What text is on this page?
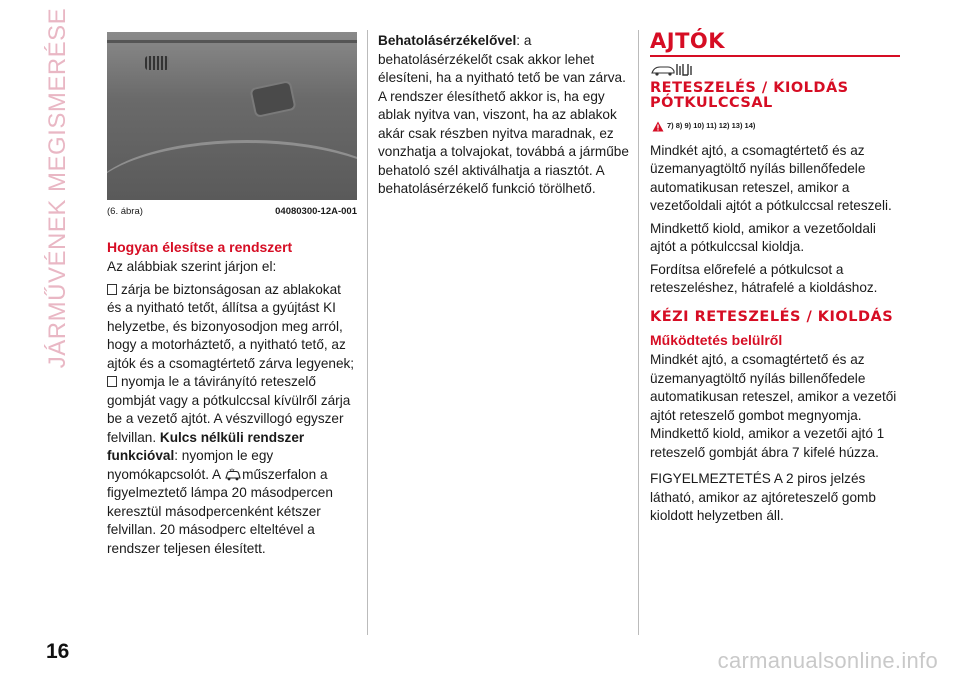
JÁRMŰVÉNEK MEGISMERÉSE	(6. ábra)	04080300-12A-001
Hogyan élesítse a rendszert

Az alábbiak szerint járjon el:

zárja be biztonságosan az ablakokat és a nyitható tetőt, állítsa a gyújtást KI helyzetbe, és bizonyosodjon meg arról, hogy a motorháztető, a nyitható tető, az ajtók és a csomagtértető zárva legyenek;

nyomja le a távirányító reteszelő gombját vagy a pótkulccsal kívülről zárja be a vezető ajtót. A vészvillogó egyszer felvillan. Kulcs nélküli rendszer funkcióval: nyomjon le egy nyomókapcsolót. A műszerfalon a figyelmeztető lámpa 20 másodpercen keresztül másodpercenként kétszer felvillan. 20 másodperc elteltével a rendszer teljesen élesített.

Behatolásérzékelővel: a behatolásérzékelőt csak akkor lehet élesíteni, ha a nyitható tető be van zárva. A rendszer élesíthető akkor is, ha egy ablak nyitva van, viszont, ha az ablakok akár csak részben nyitva maradnak, ez vonzhatja a tolvajokat, továbbá a járműbe behatoló szél aktiválhatja a riasztót. A behatolásérzékelő funkció törölhető.

AJTÓK
RETESZELÉS / KIOLDÁS PÓTKULCCSAL
7) 8) 9) 10) 11) 12) 13) 14)

Mindkét ajtó, a csomagtértető és az üzemanyagtöltő nyílás billenőfedele automatikusan reteszel, amikor a vezetőoldali ajtót a pótkulccsal reteszeli.

Mindkettő kiold, amikor a vezetőoldali ajtót a pótkulccsal kioldja.

Fordítsa előrefelé a pótkulcsot a reteszeléshez, hátrafelé a kioldáshoz.

KÉZI RETESZELÉS / KIOLDÁS
Működtetés belülről

Mindkét ajtó, a csomagtértető és az üzemanyagtöltő nyílás billenőfedele automatikusan reteszel, amikor a vezetői ajtót reteszelő gombot megnyomja. Mindkettő kiold, amikor a vezetői ajtó 1 reteszelő gombját ábra 7 kifelé húzza.

FIGYELMEZTETÉS A 2 piros jelzés látható, amikor az ajtóreteszelő gomb kioldott helyzetben áll.

16	carmanualsonline.info
